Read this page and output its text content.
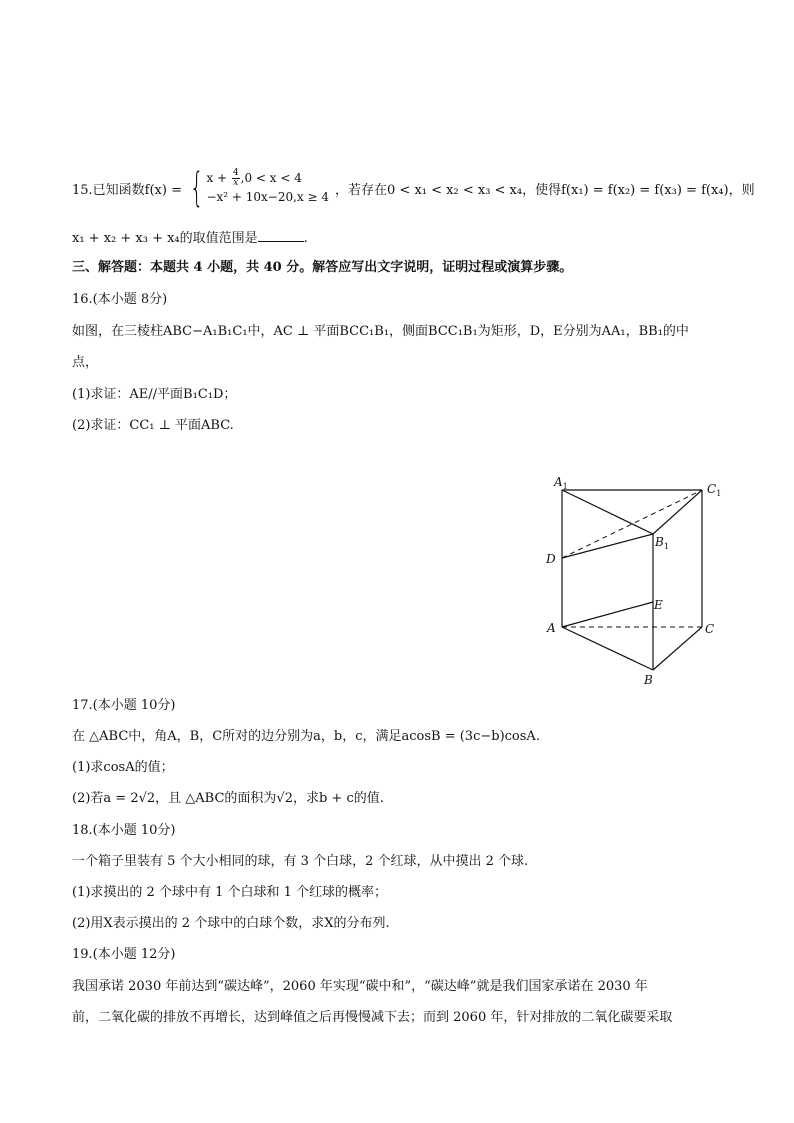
15.已知函数f(x) = { $x + \frac{4}{x} ,0 < x < 4$
−x² + 10x−20,x ≥ 4 ，若存在0 < x₁ < x₂ < x₃ < x₄，使得f(x₁) = f(x₂) = f(x₃) = f(x₄)，则
x₁ + x₂ + x₃ + x₄的取值范围是	.
三、解答题：本题共 4 小题，共 40 分。解答应写出文字说明，证明过程或演算步骤。
16.(本小题 8分)
如图，在三棱柱ABC−A₁B₁C₁中，AC ⊥ 平面BCC₁B₁，侧面BCC₁B₁为矩形，D，E分别为AA₁，BB₁的中
点，
(1)求证：AE//平面B₁C₁D；
(2)求证：CC₁ ⊥ 平面ABC.
$A_1$	$C_1$
$B_1$
D
E
A	C
B
17.(本小题 10分)
在 △ABC中，角A，B，C所对的边分别为a，b，c，满足acosB = (3c−b)cosA.
(1)求cosA的值；
(2)若a = 2√2，且 △ABC的面积为√2，求b + c的值.
18.(本小题 10分)
一个箱子里装有 5 个大小相同的球，有 3 个白球，2 个红球，从中摸出 2 个球.
(1)求摸出的 2 个球中有 1 个白球和 1 个红球的概率；
(2)用X表示摸出的 2 个球中的白球个数，求X的分布列.
19.(本小题 12分)
我国承诺 2030 年前达到“碳达峰”，2060 年实现“碳中和”，“碳达峰”就是我们国家承诺在 2030 年
前，二氧化碳的排放不再增长，达到峰值之后再慢慢减下去；而到 2060 年，针对排放的二氧化碳要采取
